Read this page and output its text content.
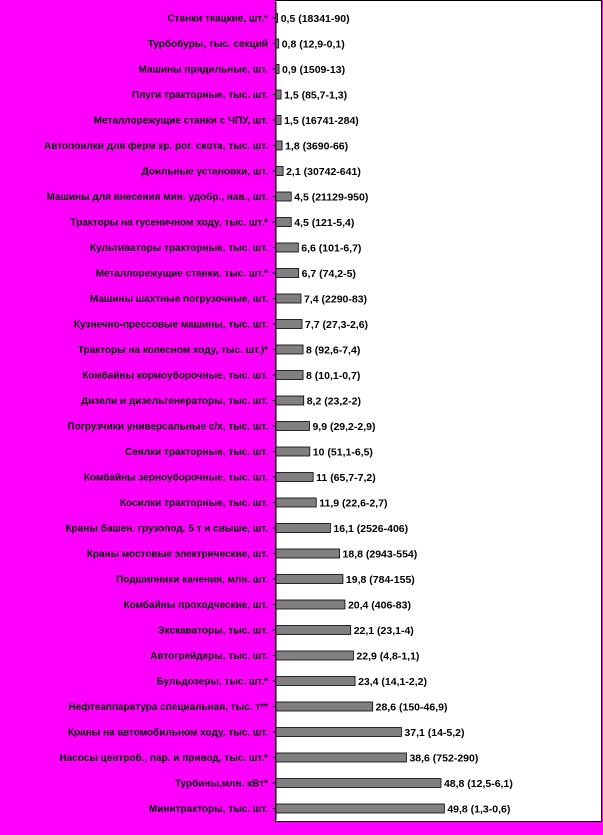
Станки ткацкие, шт.* 0,5 (18341-90)
Турбобуры, тыс. секций 0,8 (12,9-0,1)
Машины прядильные, шт. 0,9 (1509-13)
Плуги тракторные, тыс. шт. 1,5 (85,7-1,3)
Металлорежущие станки с ЧПУ, шт. 1,5 (16741-284)
Автопоилки для ферм кр. рог. скота, тыс. шт. 1,8 (3690-66)
Доильные установки, шт. 2,1 (30742-641)
Машины для внесения мин. удобр., нав., шт. 4,5 (21129-950)
Тракторы на гусеничном ходу, тыс. шт.* 4,5 (121-5,4)
Культиваторы тракторные, тыс. шт.	6,6 (101-6,7)
Металлорежущие станки, тыс. шт.*	6,7 (74,2-5)
Машины шахтные погрузочные, шт.	7,4 (2290-83)
Кузнечно-прессовые машины, тыс. шт.	7,7 (27,3-2,6)
Тракторы на колесном ходу, тыс. шт.)*	8 (92,6-7,4)
Комбайны кормоуборочные, тыс. шт.	8 (10,1-0,7)
Дизели и дизельгенераторы, тыс. шт.	8,2 (23,2-2)
Погрузчики универсальные с/х, тыс. шт.	9,9 (29,2-2,9)
Сеялки тракторные, тыс. шт.	10 (51,1-6,5)
Комбайны зерноуборочные, тыс. шт.	11 (65,7-7,2)
Косилки тракторные, тыс. шт.	11,9 (22,6-2,7)
Краны башен. грузопод. 5 т и свыше, шт.	16,1 (2526-406)
Краны мостовые электрические, шт.	18,8 (2943-554)
Подшипники качения, млн. шт.	19,8 (784-155)
Комбайны проходческие, шт.	20,4 (406-83)
Экскаваторы, тыс. шт.	22,1 (23,1-4)
Автогрейдеры, тыс. шт.	22,9 (4,8-1,1)
Бульдозеры, тыс. шт.*	23,4 (14,1-2,2)
Нефтеаппаратура специальная, тыс. т**	28,6 (150-46,9)
Краны на автомобильном ходу, тыс. шт.	37,1 (14-5,2)
Насосы центроб., пар. и привод, тыс. шт.*	38,6 (752-290)
Турбины,млн. кВт*	48,8 (12,5-6,1)
Минитракторы, тыс. шт.	49,8 (1,3-0,6)
